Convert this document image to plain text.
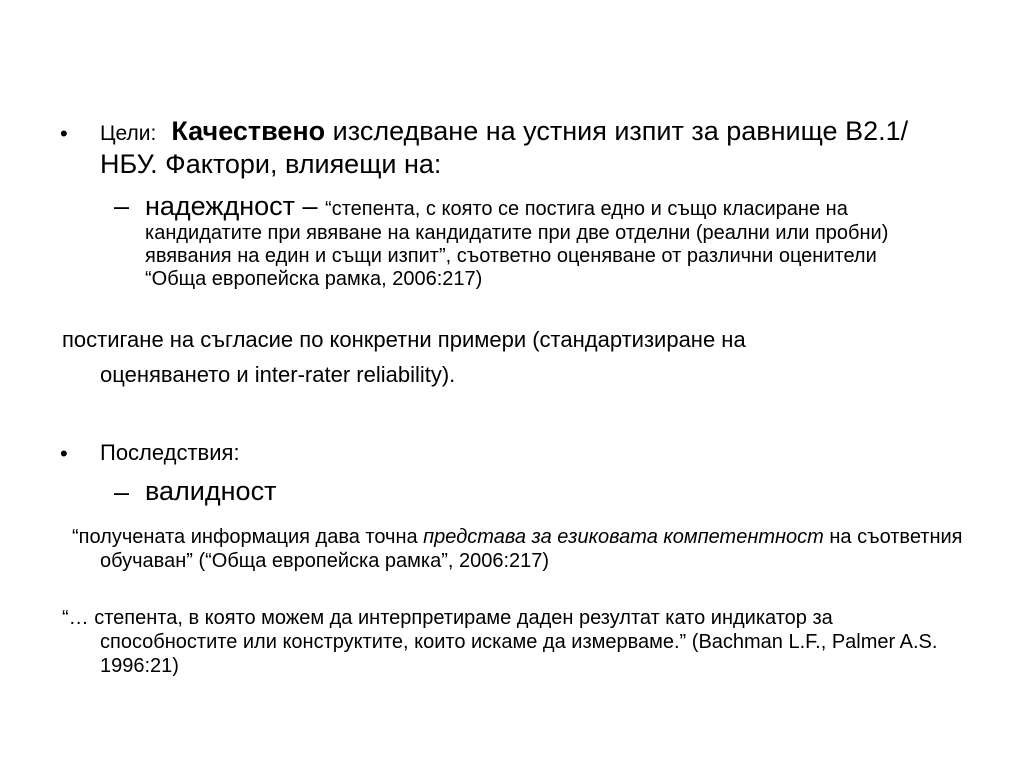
• Цели: Качествено изследване на устния изпит за равнище В2.1/НБУ. Фактори, влияещи на:
– надеждност – “степента, с която се постига едно и също класиране на кандидатите при явяване на кандидатите при две отделни (реални или пробни) явявания на един и същи изпит”, съответно оценяване от различни оценители “Обща европейска рамка, 2006:217)
постигане на съгласие по конкретни примери (стандартизиране на
оценяването и inter-rater reliability).
• Последствия:
– валидност
“получената информация дава точна представа за езиковата компетентност на съответния обучаван” (“Обща европейска рамка”, 2006:217)
“… степента, в която можем да интерпретираме даден резултат като индикатор за способностите или конструктите, които искаме да измерваме.” (Bachman L.F., Palmer A.S. 1996:21)
